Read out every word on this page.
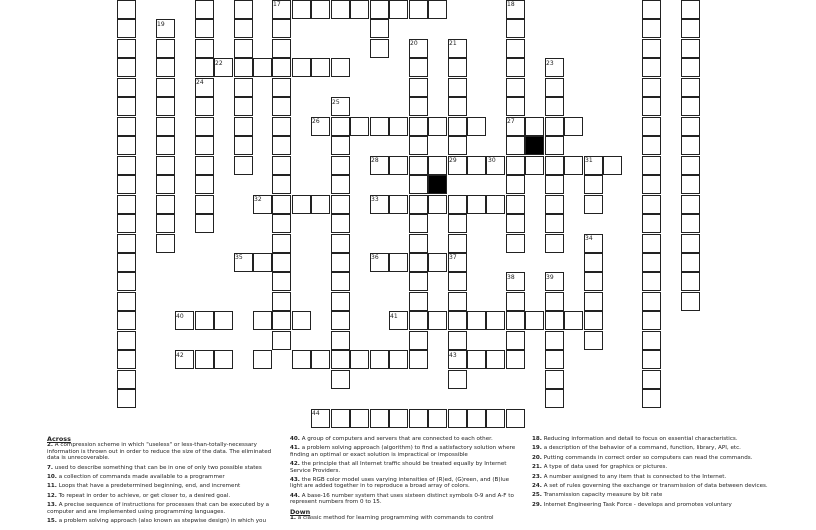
17	18
19
20	21
22	23
24
25
26	27
28	29	30	31
32	33
34
35	36	37
38	39
40	41
42	43
44
Across
2. A compression scheme in which "useless" or less-than-totally-necessary information is thrown out in order to reduce the size of the data. The eliminated data is unrecoverable.
7. used to describe something that can be in one of only two possible states
10. a collection of commands made available to a programmer
11. Loops that have a predetermined beginning, end, and increment
12. To repeat in order to achieve, or get closer to, a desired goal.
13. A precise sequence of instructions for processes that can be executed by a computer and are implemented using programming languages.
15. a problem solving approach (also known as stepwise design) in which you
40. A group of computers and servers that are connected to each other.
41. a problem solving approach (algorithm) to find a satisfactory solution where finding an optimal or exact solution is impractical or impossible
42. the principle that all Internet traffic should be treated equally by Internet Service Providers.
43. the RGB color model uses varying intensities of (R)ed, (G)reen, and (B)lue light are added together in to reproduce a broad array of colors.
44. A base-16 number system that uses sixteen distinct symbols 0-9 and A-F to represent numbers from 0 to 15.
Down
1. a classic method for learning programming with commands to control
18. Reducing information and detail to focus on essential characteristics.
19. a description of the behavior of a command, function, library, API, etc.
20. Putting commands in correct order so computers can read the commands.
21. A type of data used for graphics or pictures.
23. A number assigned to any item that is connected to the Internet.
24. A set of rules governing the exchange or transmission of data between devices.
25. Transmission capacity measure by bit rate
29. Internet Engineering Task Force - develops and promotes voluntary
